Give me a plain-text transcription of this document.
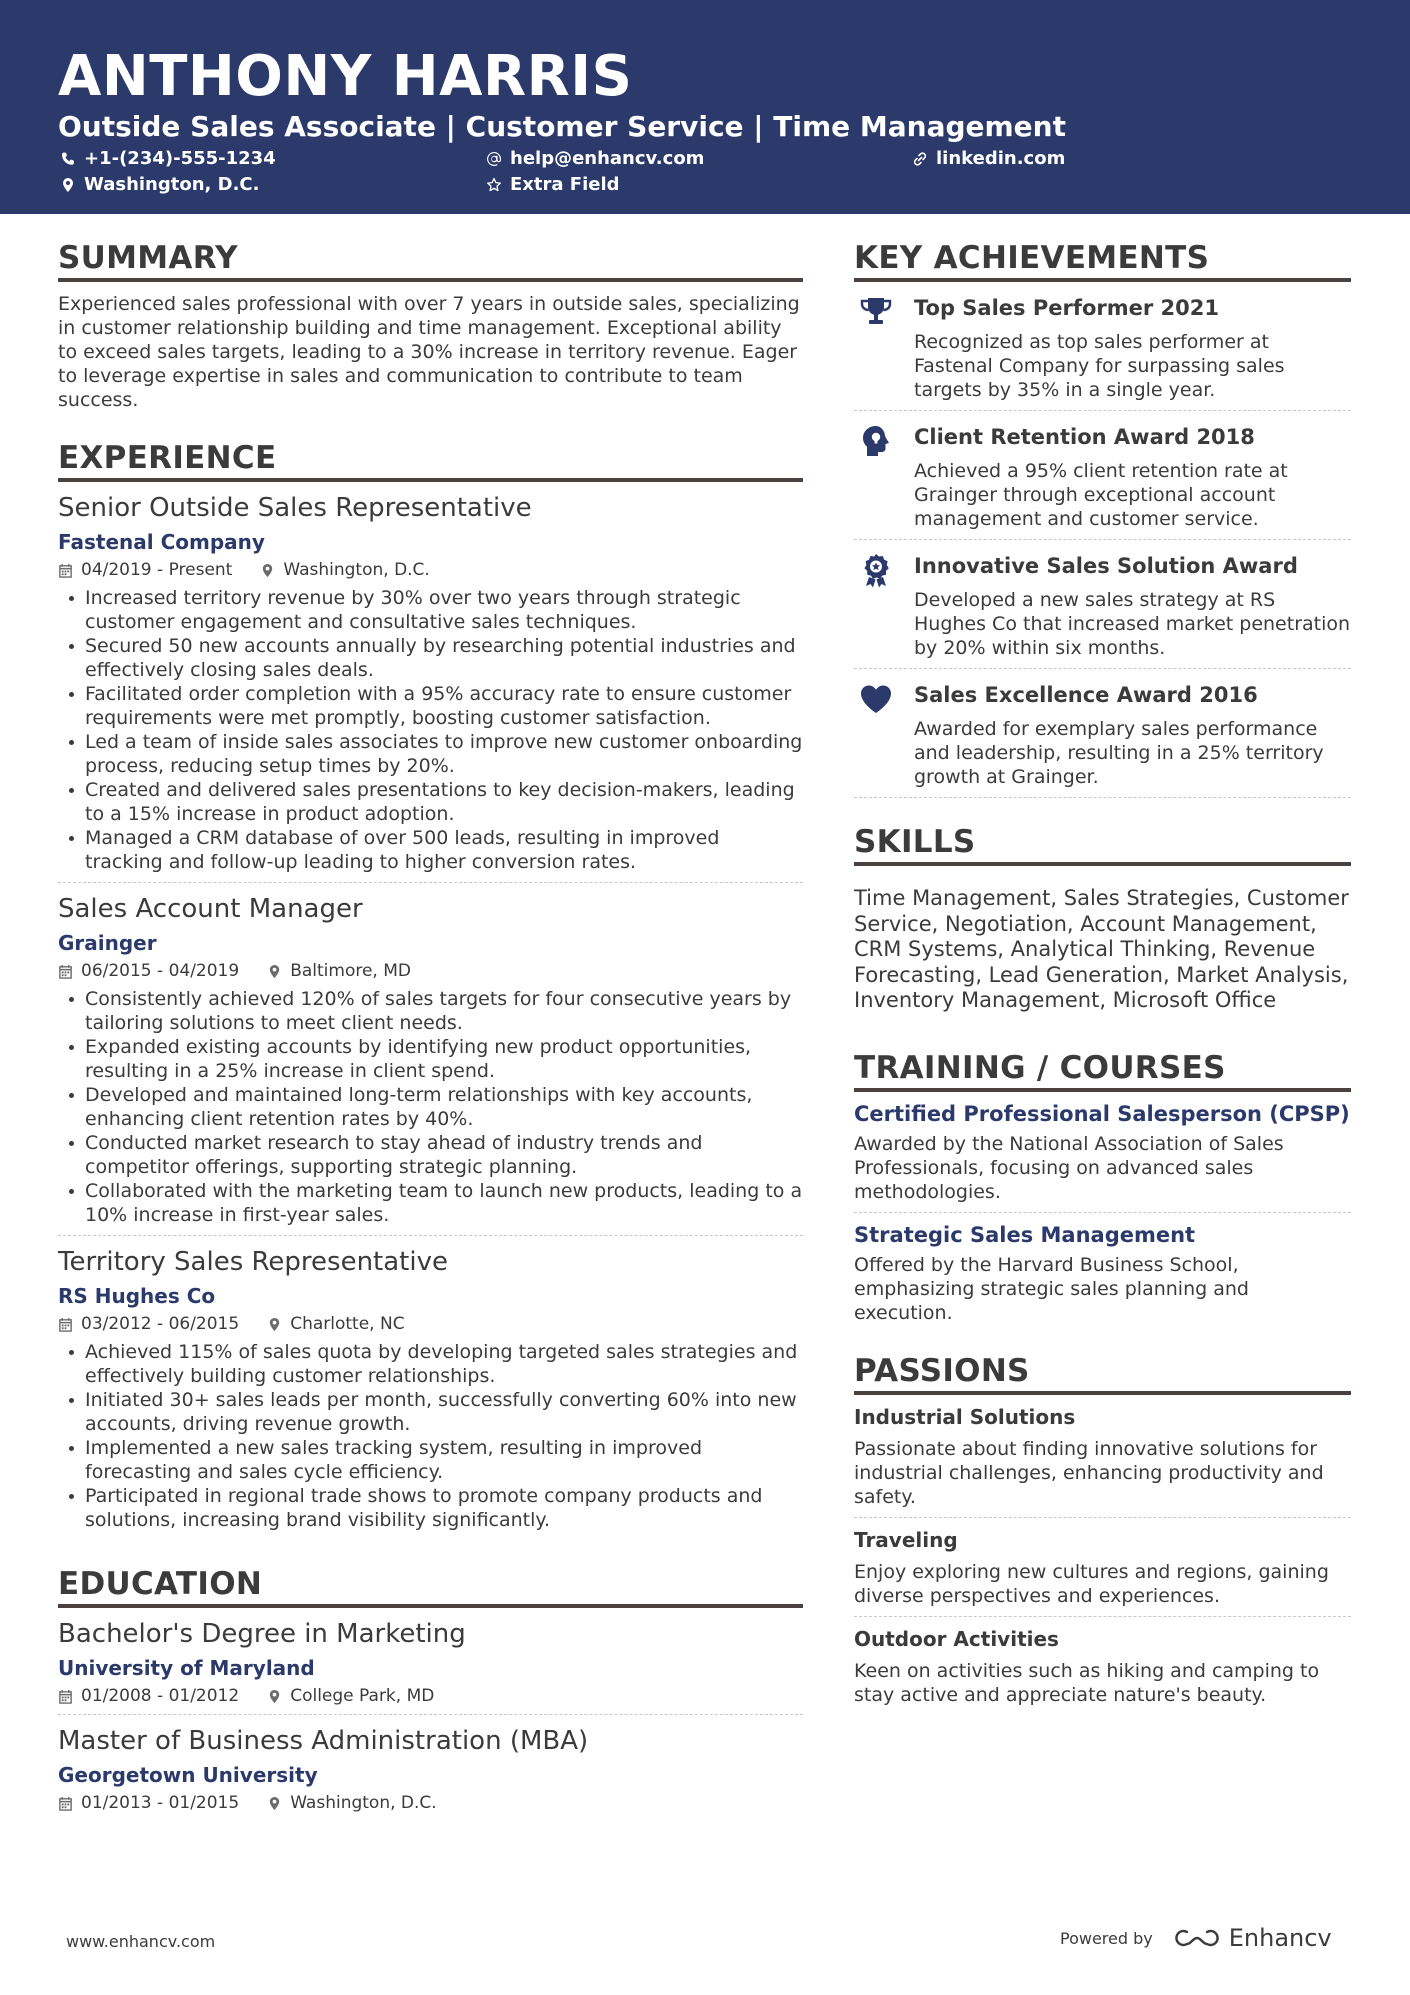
ANTHONY HARRIS
Outside Sales Associate | Customer Service | Time Management
+1-(234)-555-1234	help@enhancv.com	linkedin.com
Washington, D.C.	Extra Field
SUMMARY
Experienced sales professional with over 7 years in outside sales, specializing in customer relationship building and time management. Exceptional ability to exceed sales targets, leading to a 30% increase in territory revenue. Eager to leverage expertise in sales and communication to contribute to team success.
EXPERIENCE
Senior Outside Sales Representative
Fastenal Company
04/2019 - Present	Washington, D.C.
Increased territory revenue by 30% over two years through strategic customer engagement and consultative sales techniques.
Secured 50 new accounts annually by researching potential industries and effectively closing sales deals.
Facilitated order completion with a 95% accuracy rate to ensure customer requirements were met promptly, boosting customer satisfaction.
Led a team of inside sales associates to improve new customer onboarding process, reducing setup times by 20%.
Created and delivered sales presentations to key decision-makers, leading to a 15% increase in product adoption.
Managed a CRM database of over 500 leads, resulting in improved tracking and follow-up leading to higher conversion rates.
Sales Account Manager
Grainger
06/2015 - 04/2019	Baltimore, MD
Consistently achieved 120% of sales targets for four consecutive years by tailoring solutions to meet client needs.
Expanded existing accounts by identifying new product opportunities, resulting in a 25% increase in client spend.
Developed and maintained long-term relationships with key accounts, enhancing client retention rates by 40%.
Conducted market research to stay ahead of industry trends and competitor offerings, supporting strategic planning.
Collaborated with the marketing team to launch new products, leading to a 10% increase in first-year sales.
Territory Sales Representative
RS Hughes Co
03/2012 - 06/2015	Charlotte, NC
Achieved 115% of sales quota by developing targeted sales strategies and effectively building customer relationships.
Initiated 30+ sales leads per month, successfully converting 60% into new accounts, driving revenue growth.
Implemented a new sales tracking system, resulting in improved forecasting and sales cycle efficiency.
Participated in regional trade shows to promote company products and solutions, increasing brand visibility significantly.
EDUCATION
Bachelor's Degree in Marketing
University of Maryland
01/2008 - 01/2012	College Park, MD
Master of Business Administration (MBA)
Georgetown University
01/2013 - 01/2015	Washington, D.C.
KEY ACHIEVEMENTS
Top Sales Performer 2021
Recognized as top sales performer at Fastenal Company for surpassing sales targets by 35% in a single year.
Client Retention Award 2018
Achieved a 95% client retention rate at Grainger through exceptional account management and customer service.
Innovative Sales Solution Award
Developed a new sales strategy at RS Hughes Co that increased market penetration by 20% within six months.
Sales Excellence Award 2016
Awarded for exemplary sales performance and leadership, resulting in a 25% territory growth at Grainger.
SKILLS
Time Management, Sales Strategies, Customer Service, Negotiation, Account Management, CRM Systems, Analytical Thinking, Revenue Forecasting, Lead Generation, Market Analysis, Inventory Management, Microsoft Office
TRAINING / COURSES
Certified Professional Salesperson (CPSP)
Awarded by the National Association of Sales Professionals, focusing on advanced sales methodologies.
Strategic Sales Management
Offered by the Harvard Business School, emphasizing strategic sales planning and execution.
PASSIONS
Industrial Solutions
Passionate about finding innovative solutions for industrial challenges, enhancing productivity and safety.
Traveling
Enjoy exploring new cultures and regions, gaining diverse perspectives and experiences.
Outdoor Activities
Keen on activities such as hiking and camping to stay active and appreciate nature's beauty.
www.enhancv.com	Powered by	Enhancv
